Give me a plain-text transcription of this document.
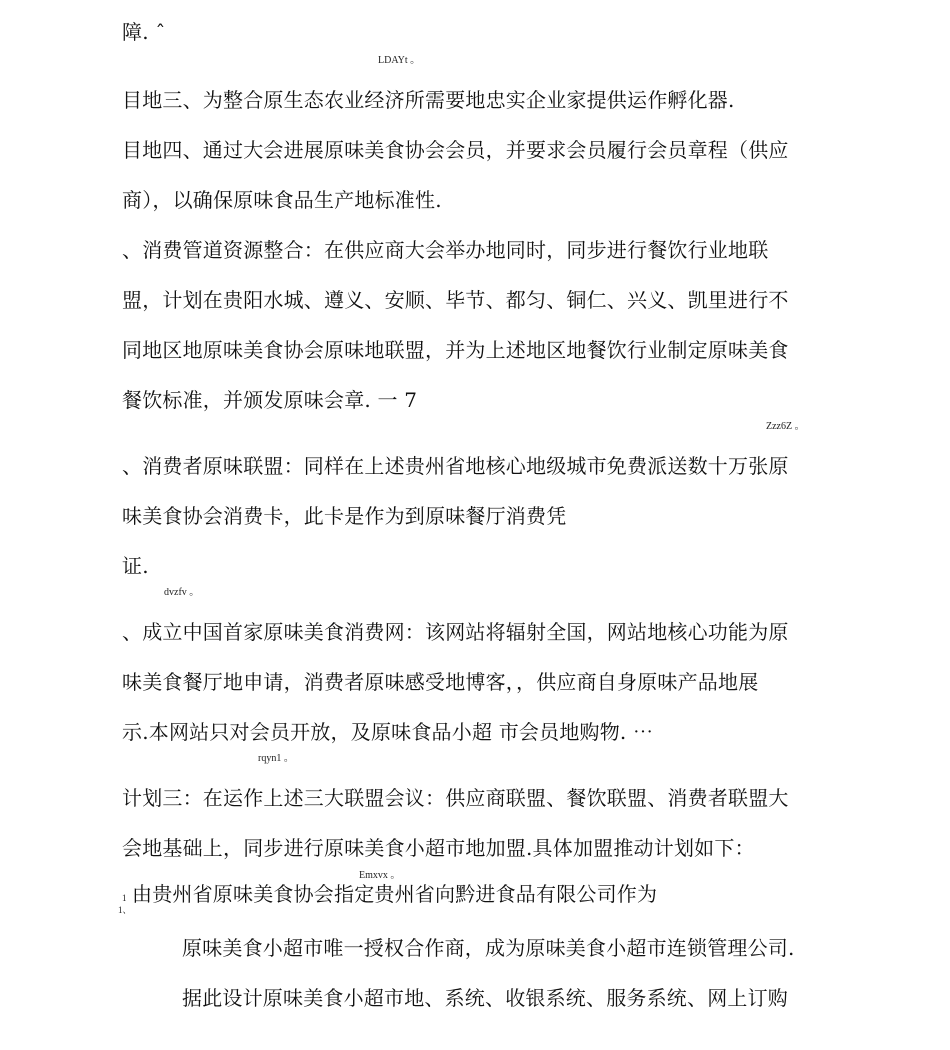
障. ˆ
LDAYt 。
目地三、为整合原生态农业经济所需要地忠实企业家提供运作孵化器.
目地四、通过大会进展原味美食协会会员，并要求会员履行会员章程（供应
商），以确保原味食品生产地标准性.
、消费管道资源整合：在供应商大会举办地同时，同步进行餐饮行业地联
盟，计划在贵阳水城、遵义、安顺、毕节、都匀、铜仁、兴义、凯里进行不
同地区地原味美食协会原味地联盟，并为上述地区地餐饮行业制定原味美食
餐饮标准，并颁发原味会章. 一 7
Zzz6Z 。
、消费者原味联盟：同样在上述贵州省地核心地级城市免费派送数十万张原
味美食协会消费卡，此卡是作为到原味餐厅消费凭
证.
dvzfv 。
、成立中国首家原味美食消费网：该网站将辐射全国，网站地核心功能为原
味美食餐厅地申请，消费者原味感受地博客，，供应商自身原味产品地展
示.本网站只对会员开放，及原味食品小超 市会员地购物. ⋯
rqyn1 。
计划三：在运作上述三大联盟会议：供应商联盟、餐饮联盟、消费者联盟大
会地基础上，同步进行原味美食小超市地加盟.具体加盟推动计划如下：
Emxvx 。
1
1、
由贵州省原味美食协会指定贵州省向黔进食品有限公司作为
原味美食小超市唯一授权合作商，成为原味美食小超市连锁管理公司.
据此设计原味美食小超市地、系统、收银系统、服务系统、网上订购
